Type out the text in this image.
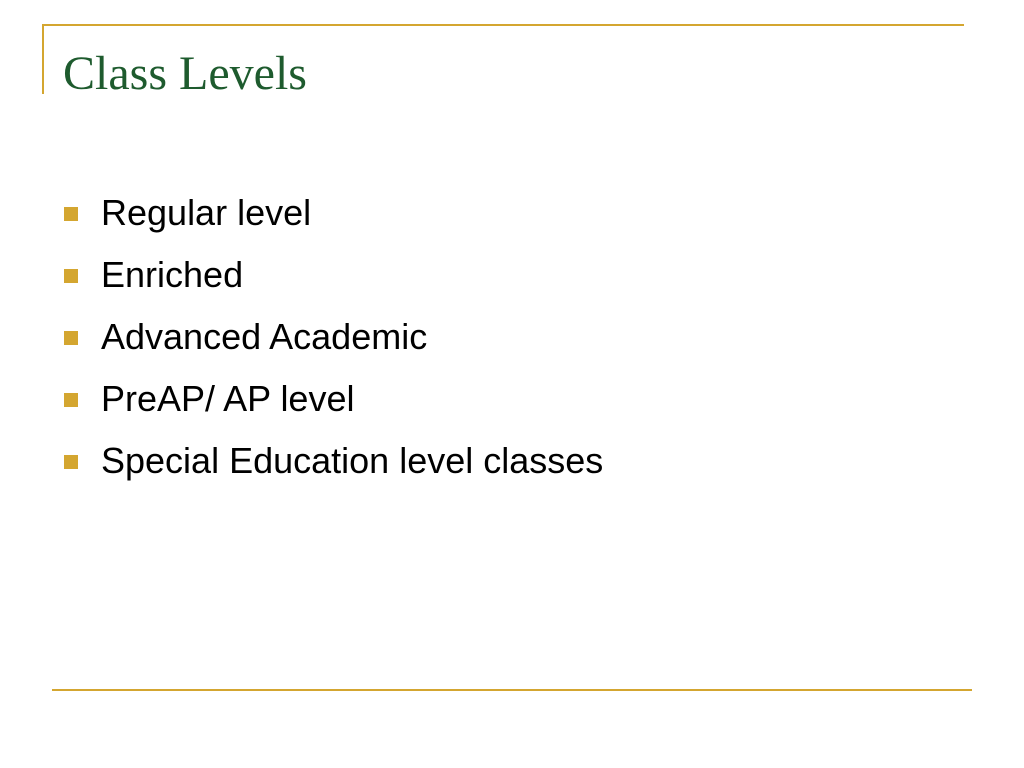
Class Levels
Regular level
Enriched
Advanced Academic
PreAP/ AP level
Special Education level classes
